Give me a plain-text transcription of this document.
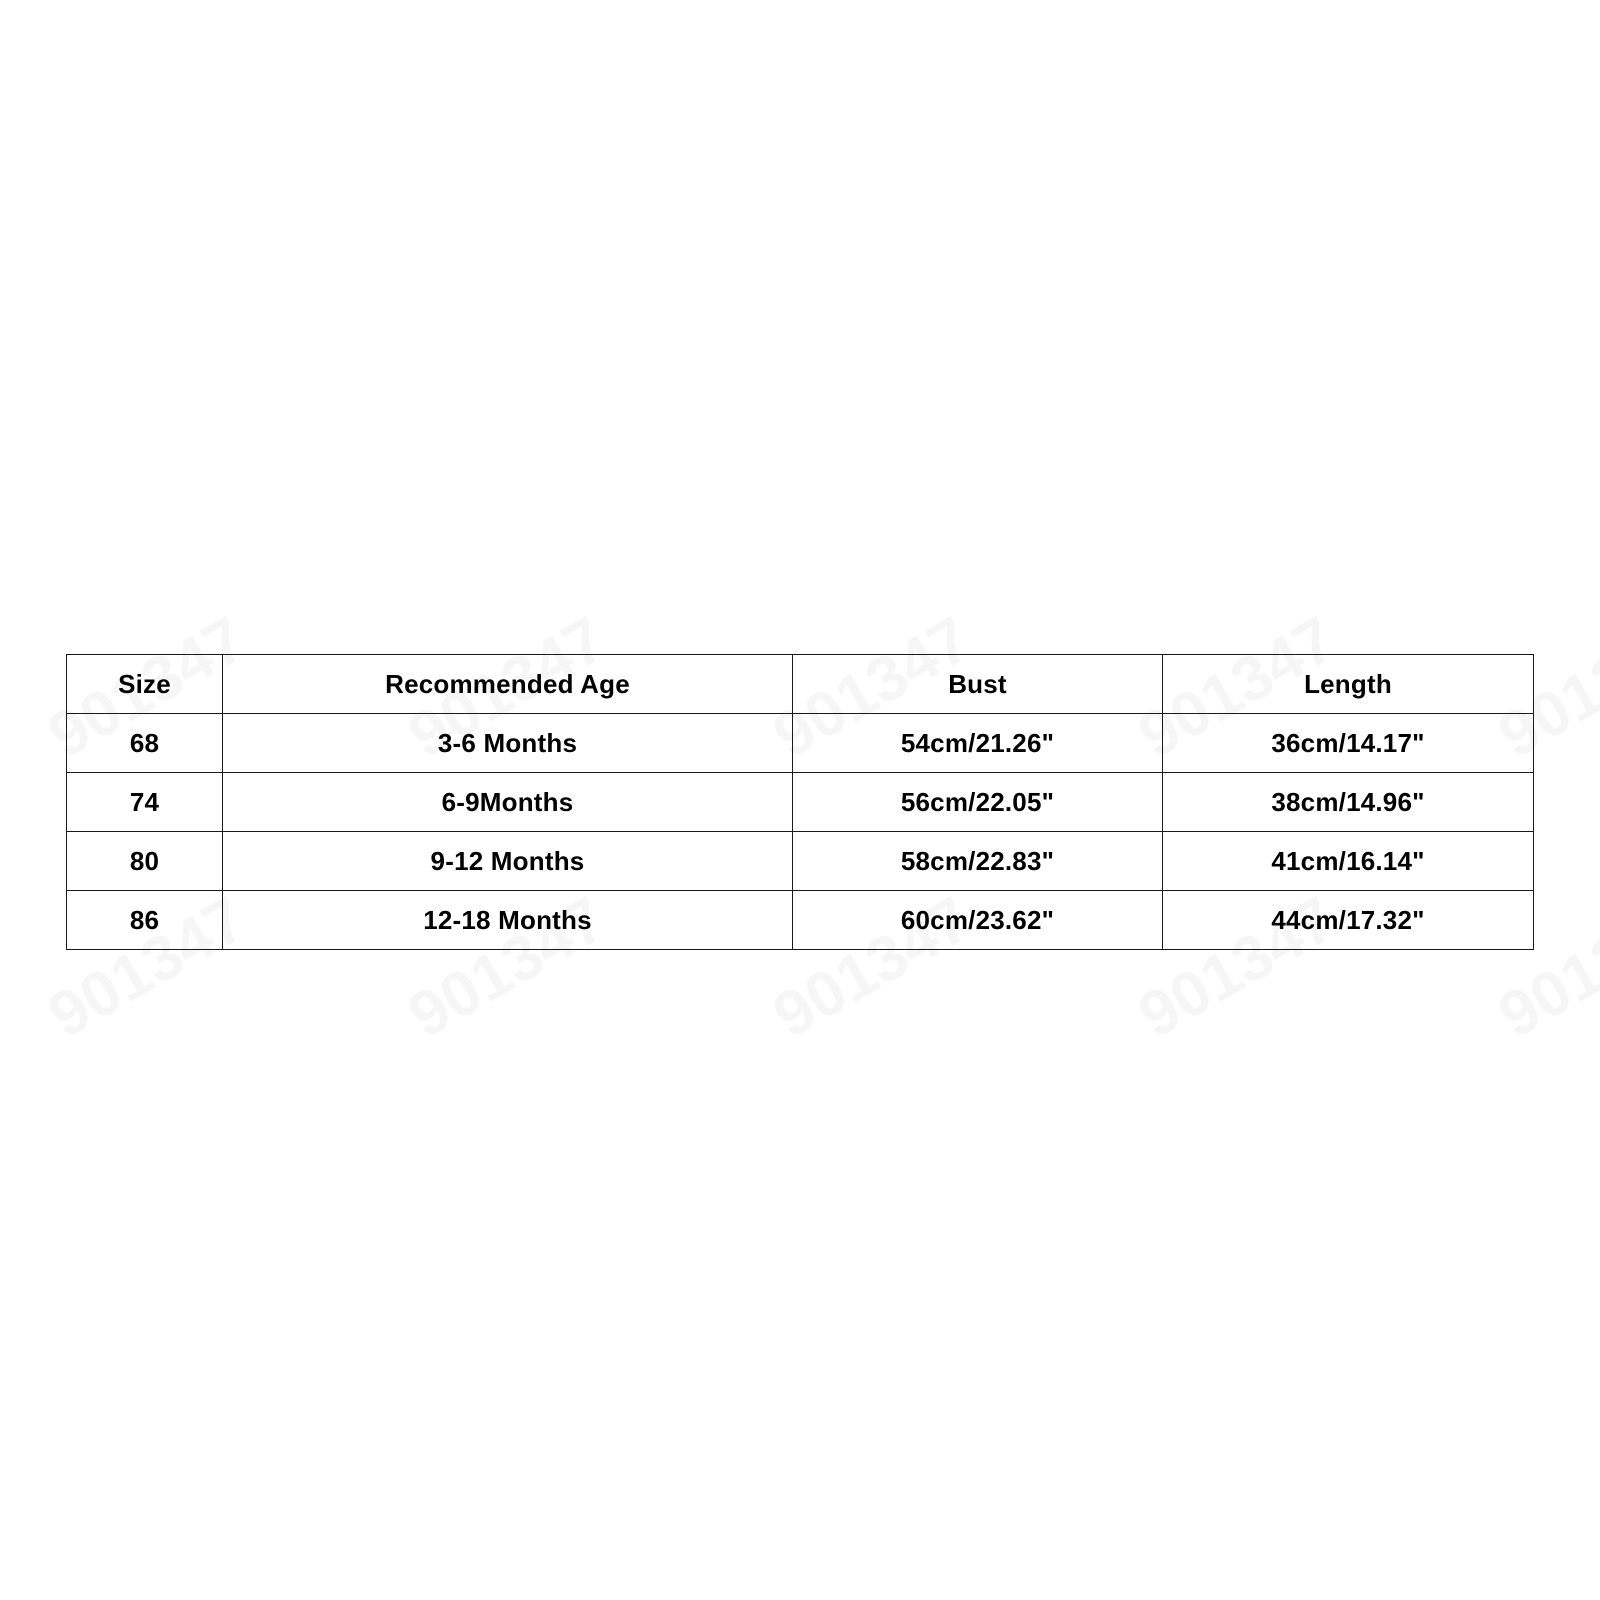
Size	Recommended Age	Bust	Length
68	3-6 Months	54cm/21.26"	36cm/14.17"
74	6-9Months	56cm/22.05"	38cm/14.96"
80	9-12 Months	58cm/22.83"	41cm/16.14"
86	12-18 Months	60cm/23.62"	44cm/17.32"
